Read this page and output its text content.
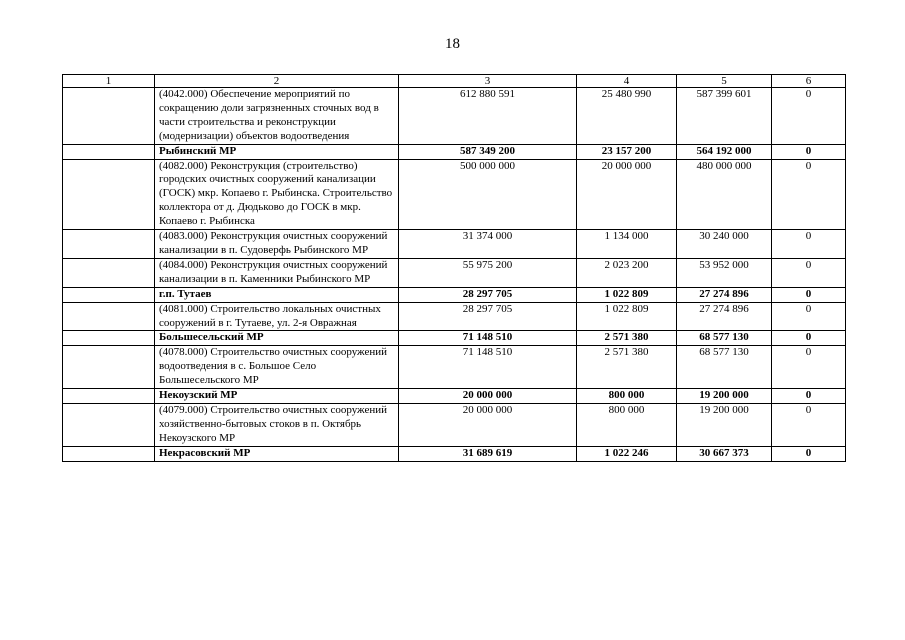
18
1	2	3	4	5	6
	(4042.000) Обеспечение мероприятий по сокращению доли загрязненных сточных вод в части строительства и реконструкции (модернизации) объектов водоотведения	612 880 591	25 480 990	587 399 601	0
	Рыбинский МР	587 349 200	23 157 200	564 192 000	0
	(4082.000) Реконструкция (строительство) городских очистных сооружений канализации (ГОСК) мкр. Копаево г. Рыбинска. Строительство коллектора от д. Дюдьково до ГОСК в мкр. Копаево г. Рыбинска	500 000 000	20 000 000	480 000 000	0
	(4083.000) Реконструкция очистных сооружений канализации в п. Судоверфь Рыбинского МР	31 374 000	1 134 000	30 240 000	0
	(4084.000) Реконструкция очистных сооружений канализации в п. Каменники Рыбинского МР	55 975 200	2 023 200	53 952 000	0
	г.п. Тутаев	28 297 705	1 022 809	27 274 896	0
	(4081.000) Строительство локальных очистных сооружений в г. Тутаеве, ул. 2-я Овражная	28 297 705	1 022 809	27 274 896	0
	Большесельский МР	71 148 510	2 571 380	68 577 130	0
	(4078.000) Строительство очистных сооружений водоотведения в с. Большое Село Большесельского МР	71 148 510	2 571 380	68 577 130	0
	Некоузский МР	20 000 000	800 000	19 200 000	0
	(4079.000) Строительство очистных сооружений хозяйственно-бытовых стоков в п. Октябрь Некоузского МР	20 000 000	800 000	19 200 000	0
	Некрасовский МР	31 689 619	1 022 246	30 667 373	0
